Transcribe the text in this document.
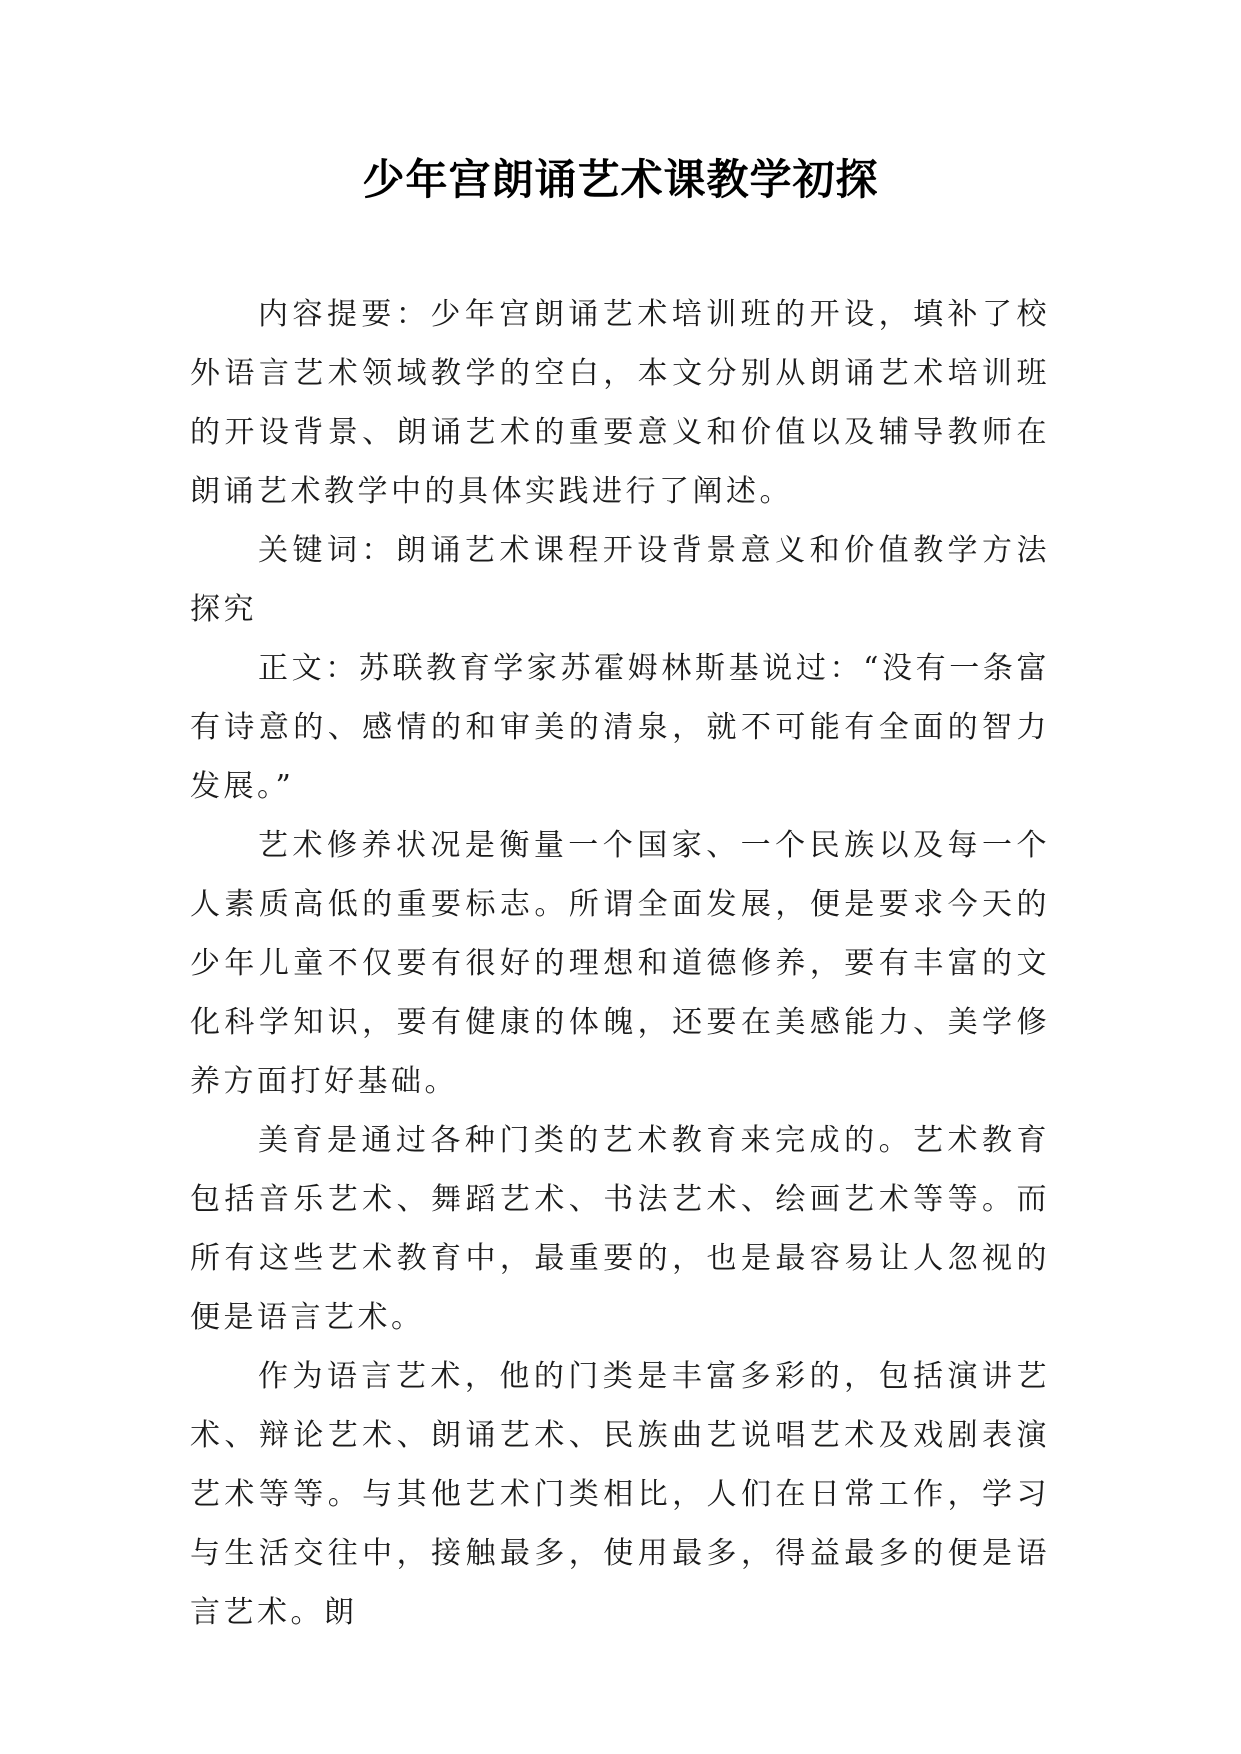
少年宫朗诵艺术课教学初探

内容提要：少年宫朗诵艺术培训班的开设，填补了校外语言艺术领域教学的空白，本文分别从朗诵艺术培训班的开设背景、朗诵艺术的重要意义和价值以及辅导教师在朗诵艺术教学中的具体实践进行了阐述。

关键词：朗诵艺术课程开设背景意义和价值教学方法探究

正文：苏联教育学家苏霍姆林斯基说过：“没有一条富有诗意的、感情的和审美的清泉，就不可能有全面的智力发展。”

艺术修养状况是衡量一个国家、一个民族以及每一个人素质高低的重要标志。所谓全面发展，便是要求今天的少年儿童不仅要有很好的理想和道德修养，要有丰富的文化科学知识，要有健康的体魄，还要在美感能力、美学修养方面打好基础。

美育是通过各种门类的艺术教育来完成的。艺术教育包括音乐艺术、舞蹈艺术、书法艺术、绘画艺术等等。而所有这些艺术教育中，最重要的，也是最容易让人忽视的便是语言艺术。

作为语言艺术，他的门类是丰富多彩的，包括演讲艺术、辩论艺术、朗诵艺术、民族曲艺说唱艺术及戏剧表演艺术等等。与其他艺术门类相比，人们在日常工作，学习与生活交往中，接触最多，使用最多，得益最多的便是语言艺术。朗
